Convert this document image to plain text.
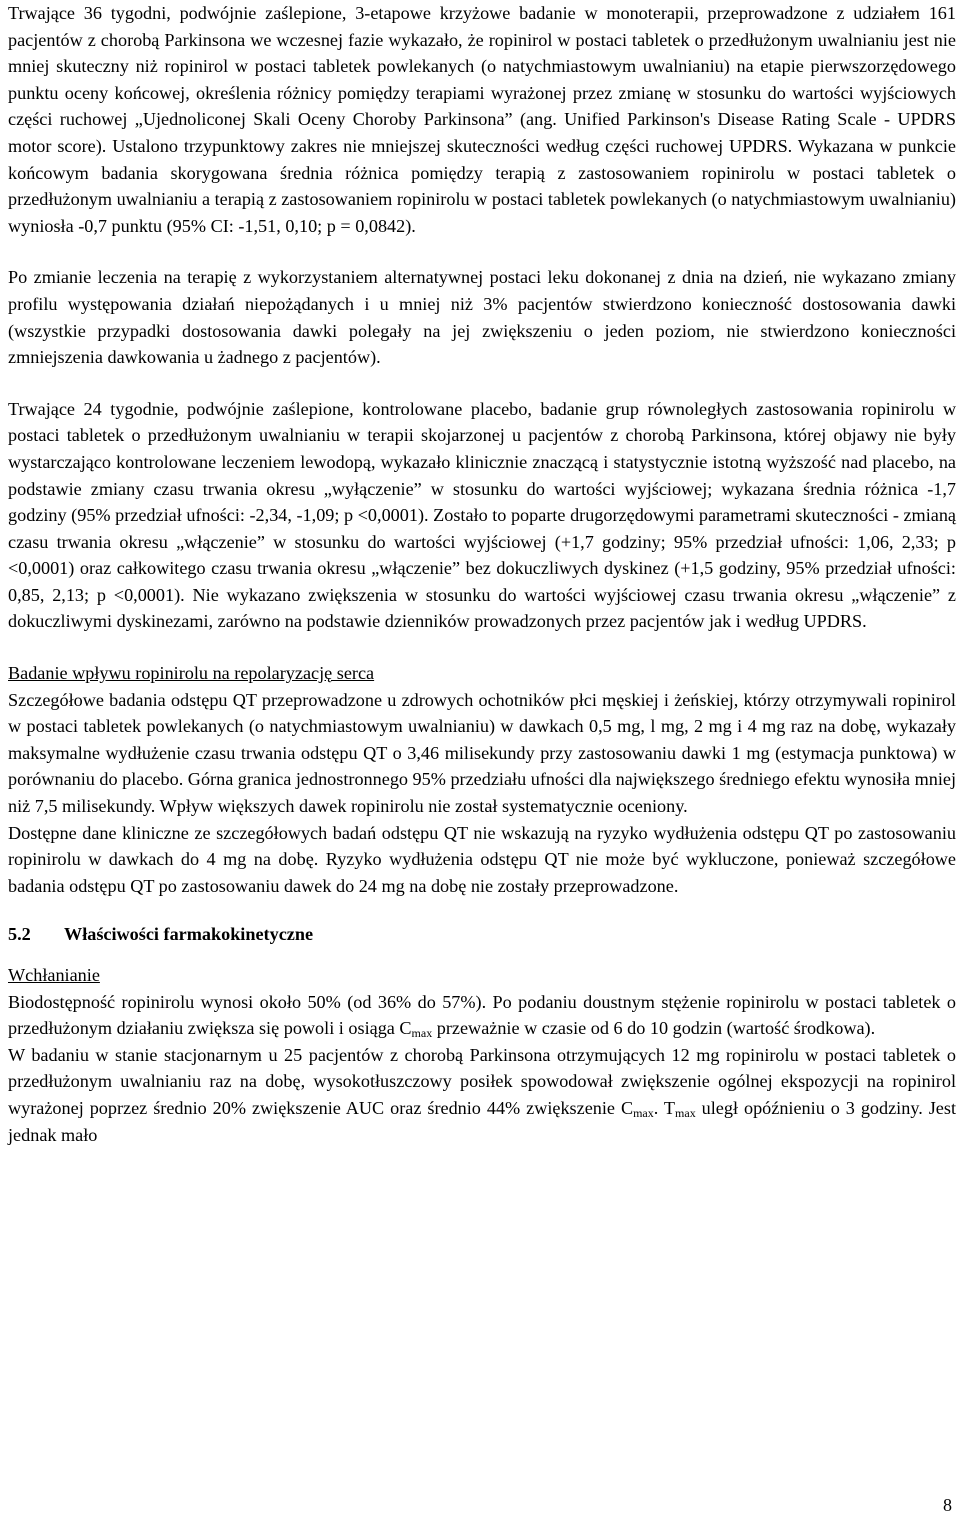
Trwające 36 tygodni, podwójnie zaślepione, 3-etapowe krzyżowe badanie w monoterapii, przeprowadzone z udziałem 161 pacjentów z chorobą Parkinsona we wczesnej fazie wykazało, że ropinirol w postaci tabletek o przedłużonym uwalnianiu jest nie mniej skuteczny niż ropinirol w postaci tabletek powlekanych (o natychmiastowym uwalnianiu) na etapie pierwszorzędowego punktu oceny końcowej, określenia różnicy pomiędzy terapiami wyrażonej przez zmianę w stosunku do wartości wyjściowych części ruchowej „Ujednoliconej Skali Oceny Choroby Parkinsona” (ang. Unified Parkinson's Disease Rating Scale - UPDRS motor score). Ustalono trzypunktowy zakres nie mniejszej skuteczności według części ruchowej UPDRS. Wykazana w punkcie końcowym badania skorygowana średnia różnica pomiędzy terapią z zastosowaniem ropinirolu w postaci tabletek o przedłużonym uwalnianiu a terapią z zastosowaniem ropinirolu w postaci tabletek powlekanych (o natychmiastowym uwalnianiu) wyniosła -0,7 punktu (95% CI: -1,51, 0,10; p = 0,0842).

Po zmianie leczenia na terapię z wykorzystaniem alternatywnej postaci leku dokonanej z dnia na dzień, nie wykazano zmiany profilu występowania działań niepożądanych i u mniej niż 3% pacjentów stwierdzono konieczność dostosowania dawki (wszystkie przypadki dostosowania dawki polegały na jej zwiększeniu o jeden poziom, nie stwierdzono konieczności zmniejszenia dawkowania u żadnego z pacjentów).

Trwające 24 tygodnie, podwójnie zaślepione, kontrolowane placebo, badanie grup równoległych zastosowania ropinirolu w postaci tabletek o przedłużonym uwalnianiu w terapii skojarzonej u pacjentów z chorobą Parkinsona, której objawy nie były wystarczająco kontrolowane leczeniem lewodopą, wykazało klinicznie znaczącą i statystycznie istotną wyższość nad placebo, na podstawie zmiany czasu trwania okresu „wyłączenie” w stosunku do wartości wyjściowej; wykazana średnia różnica -1,7 godziny (95% przedział ufności: -2,34, -1,09; p <0,0001). Zostało to poparte drugorzędowymi parametrami skuteczności - zmianą czasu trwania okresu „włączenie” w stosunku do wartości wyjściowej (+1,7 godziny; 95% przedział ufności: 1,06, 2,33; p <0,0001) oraz całkowitego czasu trwania okresu „włączenie” bez dokuczliwych dyskinez (+1,5 godziny, 95% przedział ufności: 0,85, 2,13; p <0,0001). Nie wykazano zwiększenia w stosunku do wartości wyjściowej czasu trwania okresu „włączenie” z dokuczliwymi dyskinezami, zarówno na podstawie dzienników prowadzonych przez pacjentów jak i według UPDRS.

Badanie wpływu ropinirolu na repolaryzację serca

Szczegółowe badania odstępu QT przeprowadzone u zdrowych ochotników płci męskiej i żeńskiej, którzy otrzymywali ropinirol w postaci tabletek powlekanych (o natychmiastowym uwalnianiu) w dawkach 0,5 mg, l mg, 2 mg i 4 mg raz na dobę, wykazały maksymalne wydłużenie czasu trwania odstępu QT o 3,46 milisekundy przy zastosowaniu dawki 1 mg (estymacja punktowa) w porównaniu do placebo. Górna granica jednostronnego 95% przedziału ufności dla największego średniego efektu wynosiła mniej niż 7,5 milisekundy. Wpływ większych dawek ropinirolu nie został systematycznie oceniony.

Dostępne dane kliniczne ze szczegółowych badań odstępu QT nie wskazują na ryzyko wydłużenia odstępu QT po zastosowaniu ropinirolu w dawkach do 4 mg na dobę. Ryzyko wydłużenia odstępu QT nie może być wykluczone, ponieważ szczegółowe badania odstępu QT po zastosowaniu dawek do 24 mg na dobę nie zostały przeprowadzone.

5.2 Właściwości farmakokinetyczne

Wchłanianie

Biodostępność ropinirolu wynosi około 50% (od 36% do 57%). Po podaniu doustnym stężenie ropinirolu w postaci tabletek o przedłużonym działaniu zwiększa się powoli i osiąga $C_{max}$ przeważnie w czasie od 6 do 10 godzin (wartość środkowa).

W badaniu w stanie stacjonarnym u 25 pacjentów z chorobą Parkinsona otrzymujących 12 mg ropinirolu w postaci tabletek o przedłużonym uwalnianiu raz na dobę, wysokotłuszczowy posiłek spowodował zwiększenie ogólnej ekspozycji na ropinirol wyrażonej poprzez średnio 20% zwiększenie AUC oraz średnio 44% zwiększenie $C_{max}$. $T_{max}$ uległ opóźnieniu o 3 godziny. Jest jednak mało

8
